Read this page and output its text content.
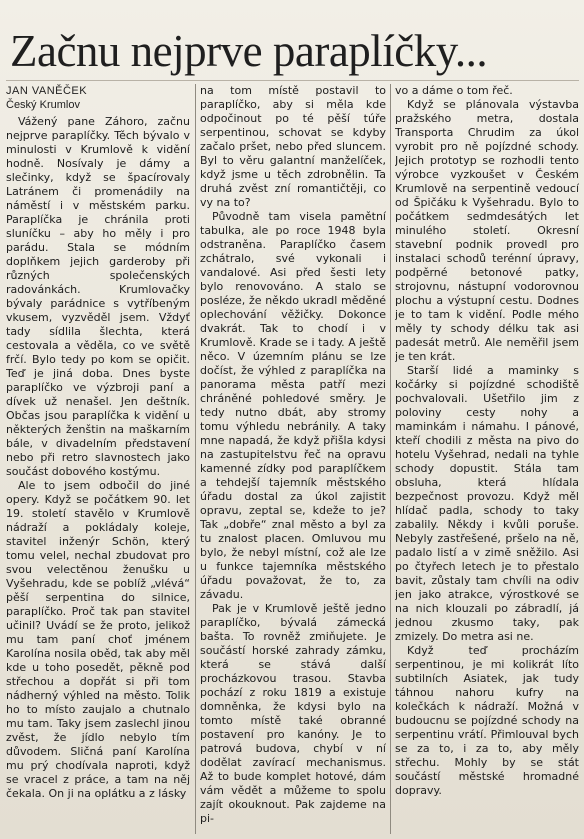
Začnu nejprve paraplíčky...
JAN VANĚČEK
Český Krumlov

Vážený pane Záhoro, začnu nejprve paraplíčky. Těch bývalo v minulosti v Krumlově k vidění hodně. Nosívaly je dámy a slečinky, když se špacírovaly Latránem či promenádily na náměstí i v městském parku. Paraplíčka je chránila proti sluníčku – aby ho měly i pro parádu. Stala se módním doplňkem jejich garderoby při různých společenských radovánkách. Krumlovačky bývaly parádnice s vytříbeným vkusem, vyzvěděl jsem. Vždyť tady sídlila šlechta, která cestovala a věděla, co ve světě frčí. Bylo tedy po kom se opičit. Teď je jiná doba. Dnes byste paraplíčko ve výzbroji paní a dívek už nenašel. Jen deštník. Občas jsou paraplíčka k vidění u některých ženštin na maškarním bále, v divadelním představení nebo při retro slavnostech jako součást dobového kostýmu.

Ale to jsem odbočil do jiné opery. Když se počátkem 90. let 19. století stavělo v Krumlově nádraží a pokládaly koleje, stavitel inženýr Schön, který tomu velel, nechal zbudovat pro svou velectěnou ženušku u Vyšehradu, kde se poblíž „vlévá“ pěší serpentina do silnice, paraplíčko. Proč tak pan stavitel učinil? Uvádí se že proto, jelikož mu tam paní choť jménem Karolína nosila oběd, tak aby měl kde u toho posedět, pěkně pod střechou a dopřát si při tom nádherný výhled na město. Tolik ho to místo zaujalo a chutnalo mu tam. Taky jsem zaslechl jinou zvěst, že jídlo nebylo tím důvodem. Sličná paní Karolína mu prý chodívala naproti, když se vracel z práce, a tam na něj čekala. On ji na oplátku a z lásky

na tom místě postavil to paraplíčko, aby si měla kde odpočinout po té pěší túře serpentinou, schovat se kdyby začalo pršet, nebo před sluncem. Byl to věru galantní manželíček, když jsme u těch zdrobnělin. Ta druhá zvěst zní romantičtěji, co vy na to?

Původně tam visela pamětní tabulka, ale po roce 1948 byla odstraněna. Paraplíčko časem zchátralo, své vykonali i vandalové. Asi před šesti lety bylo renovováno. A stalo se posléze, že někdo ukradl měděné oplechování věžičky. Dokonce dvakrát. Tak to chodí i v Krumlově. Krade se i tady. A ještě něco. V územním plánu se lze dočíst, že výhled z paraplíčka na panorama města patří mezi chráněné pohledové směry. Je tedy nutno dbát, aby stromy tomu výhledu nebránily. A taky mne napadá, že když přišla kdysi na zastupitelstvu řeč na opravu kamenné zídky pod paraplíčkem a tehdejší tajemník městského úřadu dostal za úkol zajistit opravu, zeptal se, kdeže to je? Tak „dobře“ znal město a byl za tu znalost placen. Omluvou mu bylo, že nebyl místní, což ale lze u funkce tajemníka městského úřadu považovat, že to, za závadu.

Pak je v Krumlově ještě jedno paraplíčko, bývalá zámecká bašta. To rovněž zmiňujete. Je součástí horské zahrady zámku, která se stává další procházkovou trasou. Stavba pochází z roku 1819 a existuje domněnka, že kdysi bylo na tomto místě také obranné postavení pro kanóny. Je to patrová budova, chybí v ní dodělat zavírací mechanismus. Až to bude komplet hotové, dám vám vědět a můžeme to spolu zajít okouknout. Pak zajdeme na pi-

vo a dáme o tom řeč.

Když se plánovala výstavba pražského metra, dostala Transporta Chrudim za úkol vyrobit pro ně pojízdné schody. Jejich prototyp se rozhodli tento výrobce vyzkoušet v Českém Krumlově na serpentině vedoucí od Špičáku k Vyšehradu. Bylo to počátkem sedmdesátých let minulého století. Okresní stavební podnik provedl pro instalaci schodů terénní úpravy, podpěrné betonové patky, strojovnu, nástupní vodorovnou plochu a výstupní cestu. Dodnes je to tam k vidění. Podle mého měly ty schody délku tak asi padesát metrů. Ale neměřil jsem je ten krát.

Starší lidé a maminky s kočárky si pojízdné schodiště pochvalovali. Ušetřilo jim z poloviny cesty nohy a maminkám i námahu. I pánové, kteří chodili z města na pivo do hotelu Vyšehrad, nedali na tyhle schody dopustit. Stála tam obsluha, která hlídala bezpečnost provozu. Když měl hlídač padla, schody to taky zabalily. Někdy i kvůli poruše. Nebyly zastřešené, pršelo na ně, padalo listí a v zimě sněžilo. Asi po čtyřech letech je to přestalo bavit, zůstaly tam chvíli na odiv jen jako atrakce, výrostkové se na nich klouzali po zábradlí, já jednou zkusmo taky, pak zmizely. Do metra asi ne.

Když teď procházím serpentinou, je mi kolikrát líto subtilních Asiatek, jak tudy táhnou nahoru kufry na kolečkách k nádraží. Možná v budoucnu se pojízdné schody na serpentinu vrátí. Přimlouval bych se za to, i za to, aby měly střechu. Mohly by se stát součástí městské hromadné dopravy.
